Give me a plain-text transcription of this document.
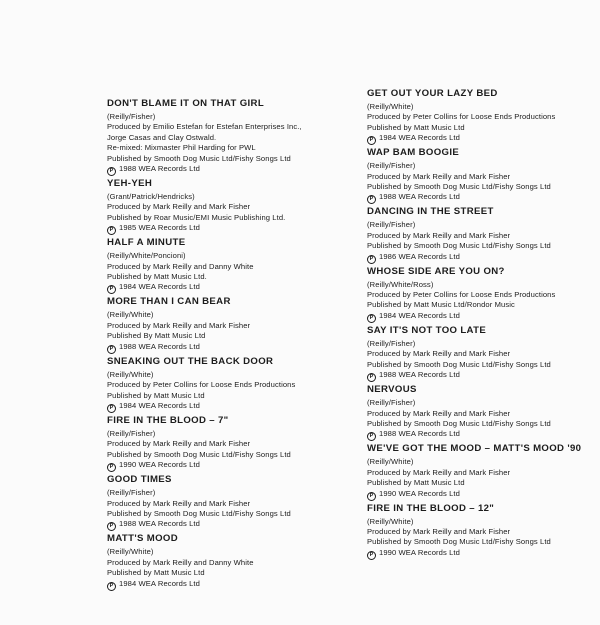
DON'T BLAME IT ON THAT GIRL
(Reilly/Fisher)
Produced by Emilio Estefan for Estefan Enterprises Inc.,
Jorge Casas and Clay Ostwald.
Re-mixed: Mixmaster Phil Harding for PWL
Published by Smooth Dog Music Ltd/Fishy Songs Ltd
P 1988 WEA Records Ltd
YEH-YEH
(Grant/Patrick/Hendricks)
Produced by Mark Reilly and Mark Fisher
Published by Roar Music/EMI Music Publishing Ltd.
P 1985 WEA Records Ltd
HALF A MINUTE
(Reilly/White/Poncioni)
Produced by Mark Reilly and Danny White
Published by Matt Music Ltd.
P 1984 WEA Records Ltd
MORE THAN I CAN BEAR
(Reilly/White)
Produced by Mark Reilly and Mark Fisher
Published By Matt Music Ltd
P 1988 WEA Records Ltd
SNEAKING OUT THE BACK DOOR
(Reilly/White)
Produced by Peter Collins for Loose Ends Productions
Published by Matt Music Ltd
P 1984 WEA Records Ltd
FIRE IN THE BLOOD – 7"
(Reilly/Fisher)
Produced by Mark Reilly and Mark Fisher
Published by Smooth Dog Music Ltd/Fishy Songs Ltd
P 1990 WEA Records Ltd
GOOD TIMES
(Reilly/Fisher)
Produced by Mark Reilly and Mark Fisher
Published by Smooth Dog Music Ltd/Fishy Songs Ltd
P 1988 WEA Records Ltd
MATT'S MOOD
(Reilly/White)
Produced by Mark Reilly and Danny White
Published by Matt Music Ltd
P 1984 WEA Records Ltd
GET OUT YOUR LAZY BED
(Reilly/White)
Produced by Peter Collins for Loose Ends Productions
Published by Matt Music Ltd
P 1984 WEA Records Ltd
WAP BAM BOOGIE
(Reilly/Fisher)
Produced by Mark Reilly and Mark Fisher
Published by Smooth Dog Music Ltd/Fishy Songs Ltd
P 1988 WEA Records Ltd
DANCING IN THE STREET
(Reilly/Fisher)
Produced by Mark Reilly and Mark Fisher
Published by Smooth Dog Music Ltd/Fishy Songs Ltd
P 1986 WEA Records Ltd
WHOSE SIDE ARE YOU ON?
(Reilly/White/Ross)
Produced by Peter Collins for Loose Ends Productions
Published by Matt Music Ltd/Rondor Music
P 1984 WEA Records Ltd
SAY IT'S NOT TOO LATE
(Reilly/Fisher)
Produced by Mark Reilly and Mark Fisher
Published by Smooth Dog Music Ltd/Fishy Songs Ltd
P 1988 WEA Records Ltd
NERVOUS
(Reilly/Fisher)
Produced by Mark Reilly and Mark Fisher
Published by Smooth Dog Music Ltd/Fishy Songs Ltd
P 1988 WEA Records Ltd
WE'VE GOT THE MOOD – MATT'S MOOD '90
(Reilly/White)
Produced by Mark Reilly and Mark Fisher
Published by Matt Music Ltd
P 1990 WEA Records Ltd
FIRE IN THE BLOOD – 12"
(Reilly/White)
Produced by Mark Reilly and Mark Fisher
Published by Smooth Dog Music Ltd/Fishy Songs Ltd
P 1990 WEA Records Ltd
